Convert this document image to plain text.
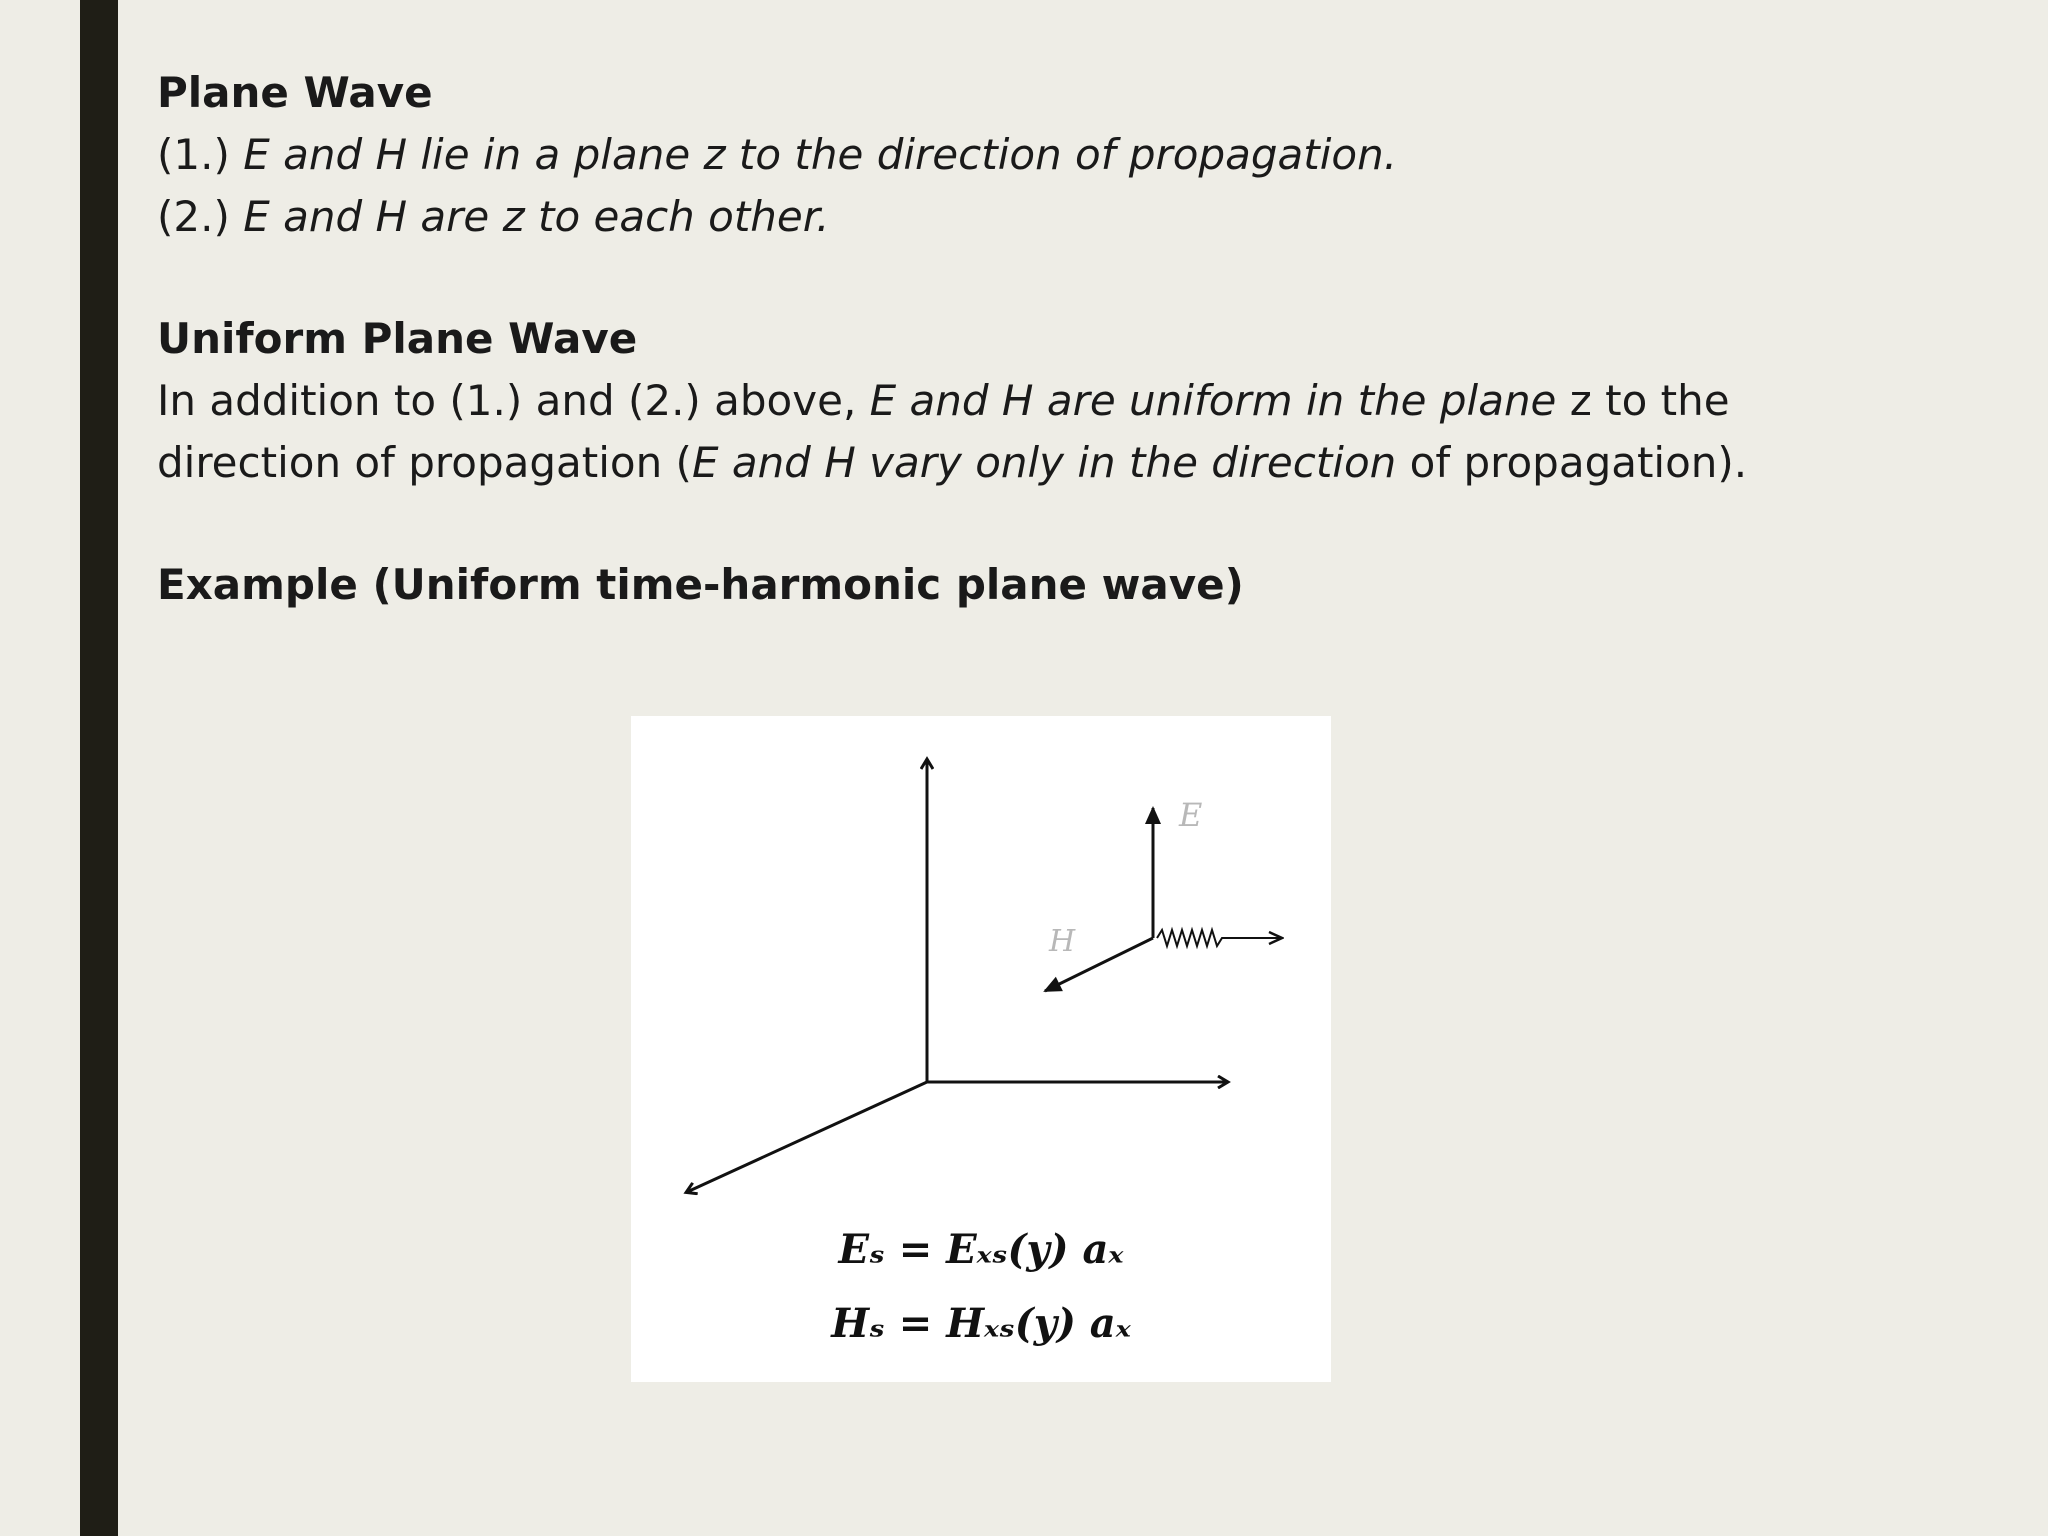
Plane Wave

(1.) E and H lie in a plane z to the direction of propagation.

(2.) E and H are z to each other.

Uniform Plane Wave

In addition to (1.) and (2.) above, E and H are uniform in the plane z to the

direction of propagation (E and H vary only in the direction of propagation).

Example (Uniform time-harmonic plane wave)

E
H
Eₛ = Eₓₛ(y) aₓ
Hₛ = Hₓₛ(y) aₓ
